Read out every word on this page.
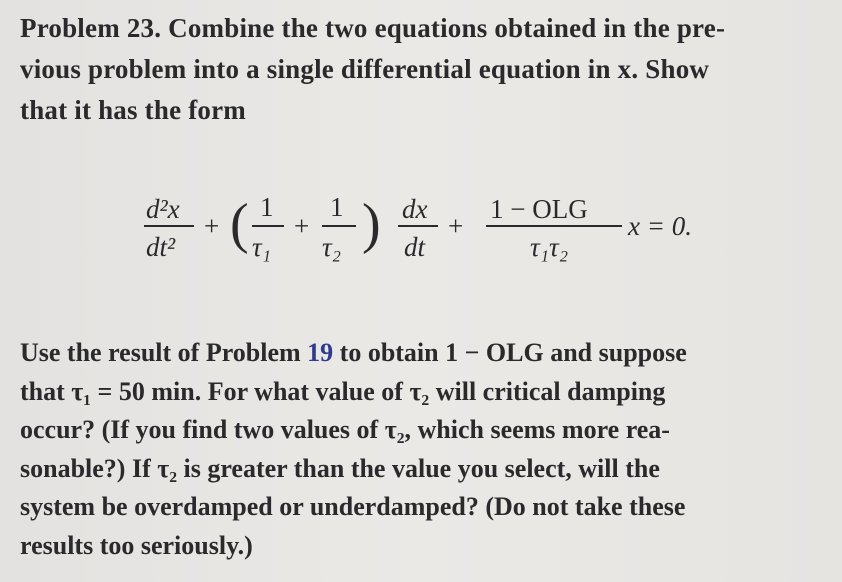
Problem 23. Combine the two equations obtained in the pre-
vious problem into a single differential equation in x. Show
that it has the form
d²x
dt²
+ ( 1
τ₁
+
1
τ₂ ) dx
dt
+
1 − OLG
τ₁τ₂
x = 0.
Use the result of Problem 19 to obtain 1 − OLG and suppose
that τ₁ = 50 min. For what value of τ₂ will critical damping
occur? (If you find two values of τ₂, which seems more rea-
sonable?) If τ₂ is greater than the value you select, will the
system be overdamped or underdamped? (Do not take these
results too seriously.)
